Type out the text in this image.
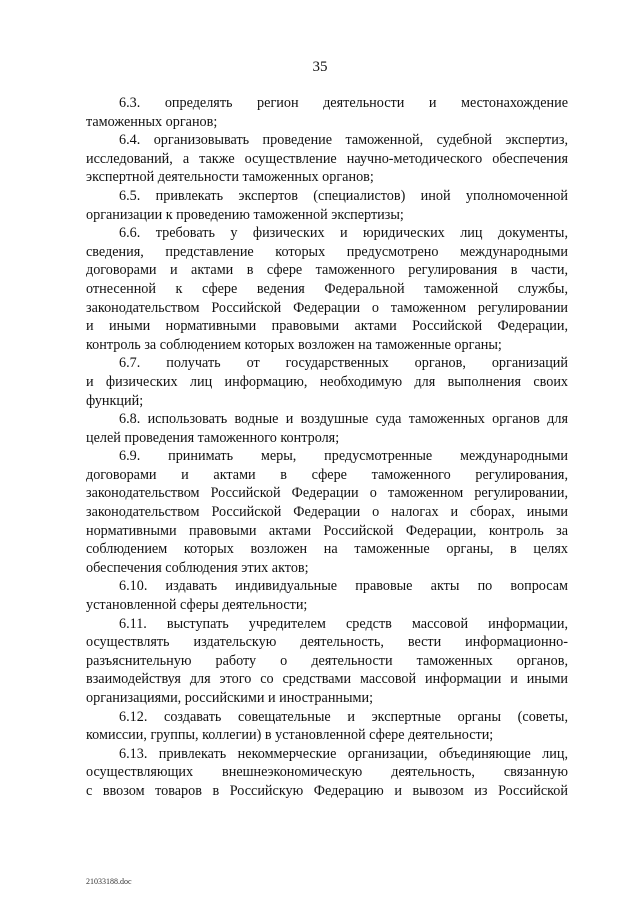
35

6.3. определять регион деятельности и местонахождение
таможенных органов;

6.4. организовывать проведение таможенной, судебной экспертиз,
исследований, а также осуществление научно-методического обеспечения
экспертной деятельности таможенных органов;

6.5. привлекать экспертов (специалистов) иной уполномоченной
организации к проведению таможенной экспертизы;

6.6. требовать у физических и юридических лиц документы,
сведения, представление которых предусмотрено международными
договорами и актами в сфере таможенного регулирования в части,
отнесенной к сфере ведения Федеральной таможенной службы,
законодательством Российской Федерации о таможенном регулировании
и иными нормативными правовыми актами Российской Федерации,
контроль за соблюдением которых возложен на таможенные органы;

6.7. получать от государственных органов, организаций
и физических лиц информацию, необходимую для выполнения своих
функций;

6.8. использовать водные и воздушные суда таможенных органов для
целей проведения таможенного контроля;

6.9. принимать меры, предусмотренные международными
договорами и актами в сфере таможенного регулирования,
законодательством Российской Федерации о таможенном регулировании,
законодательством Российской Федерации о налогах и сборах, иными
нормативными правовыми актами Российской Федерации, контроль за
соблюдением которых возложен на таможенные органы, в целях
обеспечения соблюдения этих актов;

6.10. издавать индивидуальные правовые акты по вопросам
установленной сферы деятельности;

6.11. выступать учредителем средств массовой информации,
осуществлять издательскую деятельность, вести информационно-
разъяснительную работу о деятельности таможенных органов,
взаимодействуя для этого со средствами массовой информации и иными
организациями, российскими и иностранными;

6.12. создавать совещательные и экспертные органы (советы,
комиссии, группы, коллегии) в установленной сфере деятельности;

6.13. привлекать некоммерческие организации, объединяющие лиц,
осуществляющих внешнеэкономическую деятельность, связанную
с ввозом товаров в Российскую Федерацию и вывозом из Российской

21033188.doc
